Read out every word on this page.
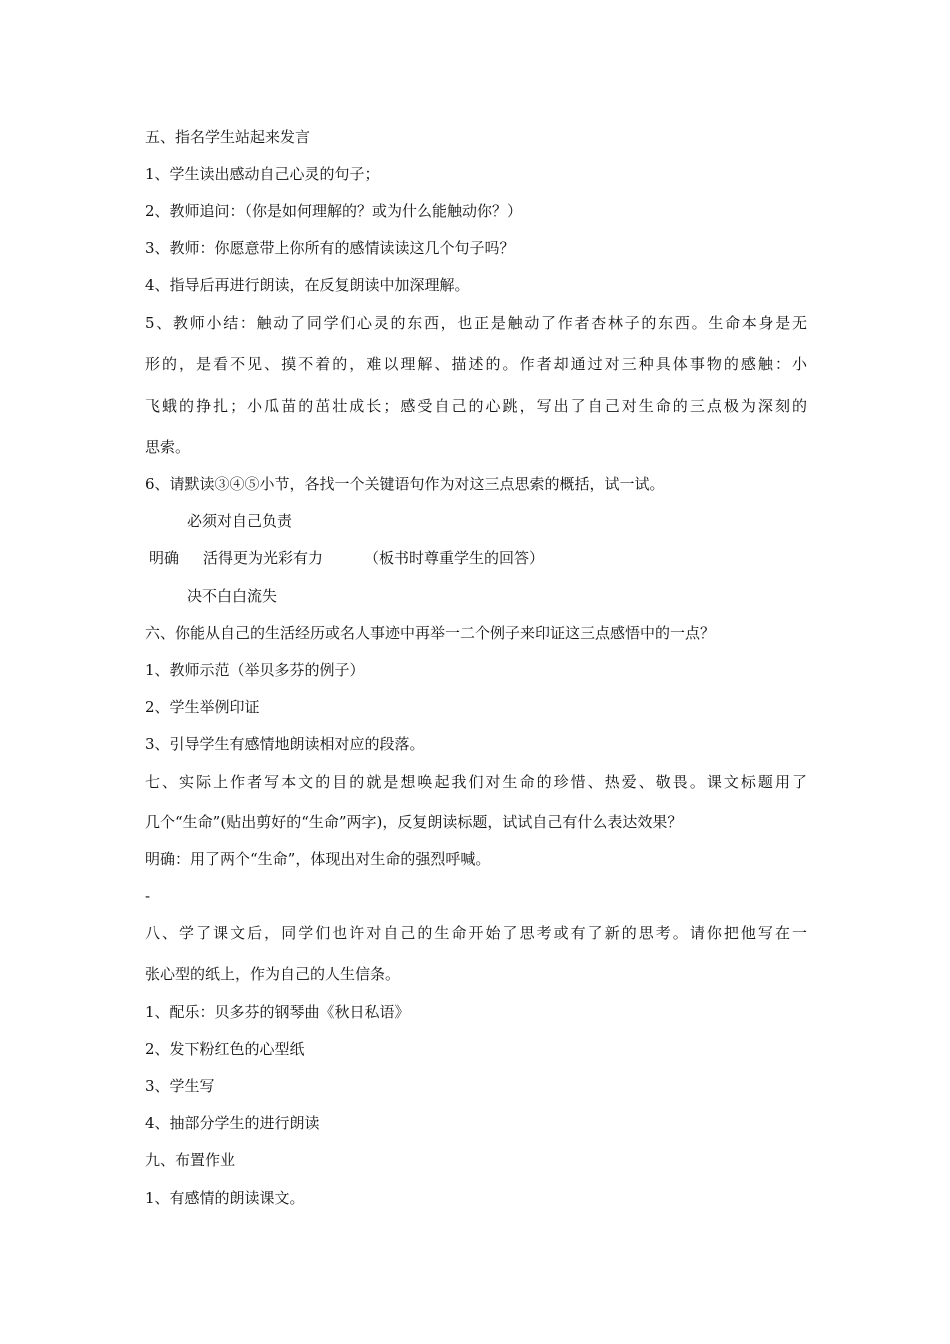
五、指名学生站起来发言
1、学生读出感动自己心灵的句子；
2、教师追问：（你是如何理解的？或为什么能触动你？）
3、教师：你愿意带上你所有的感情读读这几个句子吗？
4、指导后再进行朗读，在反复朗读中加深理解。
5、教师小结：触动了同学们心灵的东西，也正是触动了作者杏林子的东西。生命本身是无
形的，是看不见、摸不着的，难以理解、描述的。作者却通过对三种具体事物的感触：小
飞蛾的挣扎；小瓜苗的茁壮成长；感受自己的心跳，写出了自己对生命的三点极为深刻的
思索。
6、请默读③④⑤小节，各找一个关键语句作为对这三点思索的概括，试一试。
必须对自己负责
明确 活得更为光彩有力	（板书时尊重学生的回答）
决不白白流失
六、你能从自己的生活经历或名人事迹中再举一二个例子来印证这三点感悟中的一点？
1、教师示范（举贝多芬的例子）
2、学生举例印证
3、引导学生有感情地朗读相对应的段落。
七、实际上作者写本文的目的就是想唤起我们对生命的珍惜、热爱、敬畏。课文标题用了
几个“生命”(贴出剪好的“生命”两字)，反复朗读标题，试试自己有什么表达效果？
明确：用了两个“生命”，体现出对生命的强烈呼喊。
-
八、学了课文后，同学们也许对自己的生命开始了思考或有了新的思考。请你把他写在一
张心型的纸上，作为自己的人生信条。
1、配乐：贝多芬的钢琴曲《秋日私语》
2、发下粉红色的心型纸
3、学生写
4、抽部分学生的进行朗读
九、布置作业
1、有感情的朗读课文。
